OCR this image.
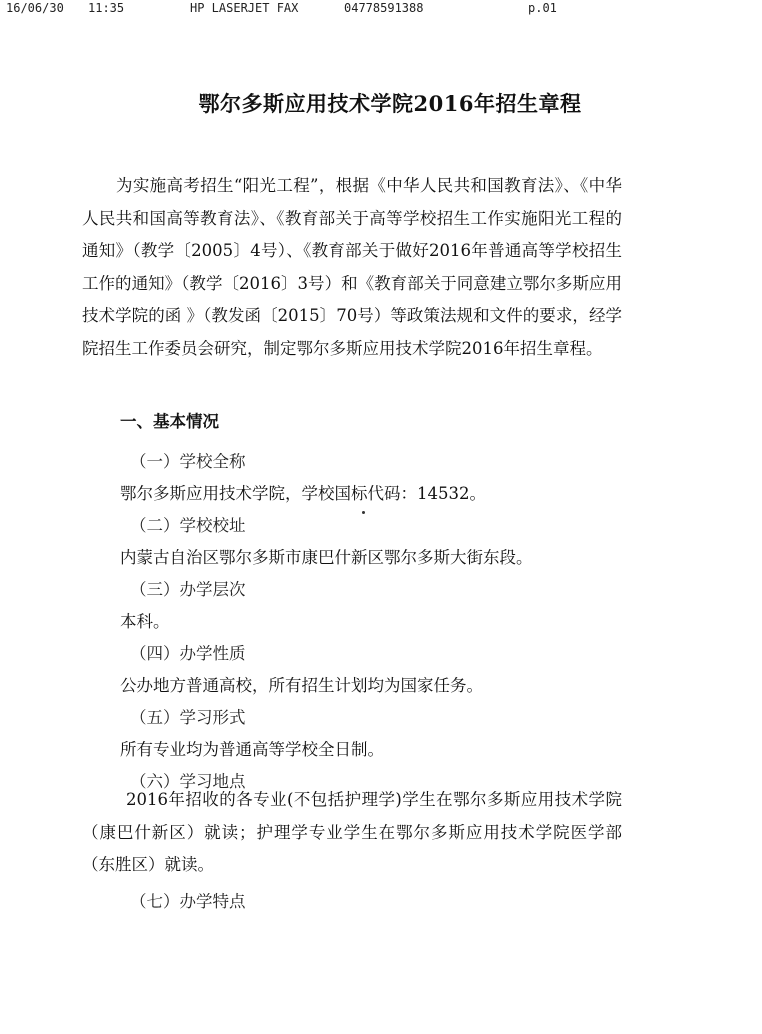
16/06/30 11:35	HP LASERJET FAX	04778591388	p.01
鄂尔多斯应用技术学院2016年招生章程

为实施高考招生“阳光工程”，根据《中华人民共和国教育法》、《中华人民共和国高等教育法》、《教育部关于高等学校招生工作实施阳光工程的通知》（教学〔2005〕4号）、《教育部关于做好2016年普通高等学校招生工作的通知》（教学〔2016〕3号）和《教育部关于同意建立鄂尔多斯应用技术学院的函 》（教发函〔2015〕70号）等政策法规和文件的要求，经学院招生工作委员会研究，制定鄂尔多斯应用技术学院2016年招生章程。

一、基本情况

（一）学校全称

鄂尔多斯应用技术学院，学校国标代码：14532。

（二）学校校址

内蒙古自治区鄂尔多斯市康巴什新区鄂尔多斯大街东段。

（三）办学层次

本科。

（四）办学性质

公办地方普通高校，所有招生计划均为国家任务。

（五）学习形式

所有专业均为普通高等学校全日制。

（六）学习地点

2016年招收的各专业(不包括护理学)学生在鄂尔多斯应用技术学院（康巴什新区）就读；护理学专业学生在鄂尔多斯应用技术学院医学部（东胜区）就读。

（七）办学特点
